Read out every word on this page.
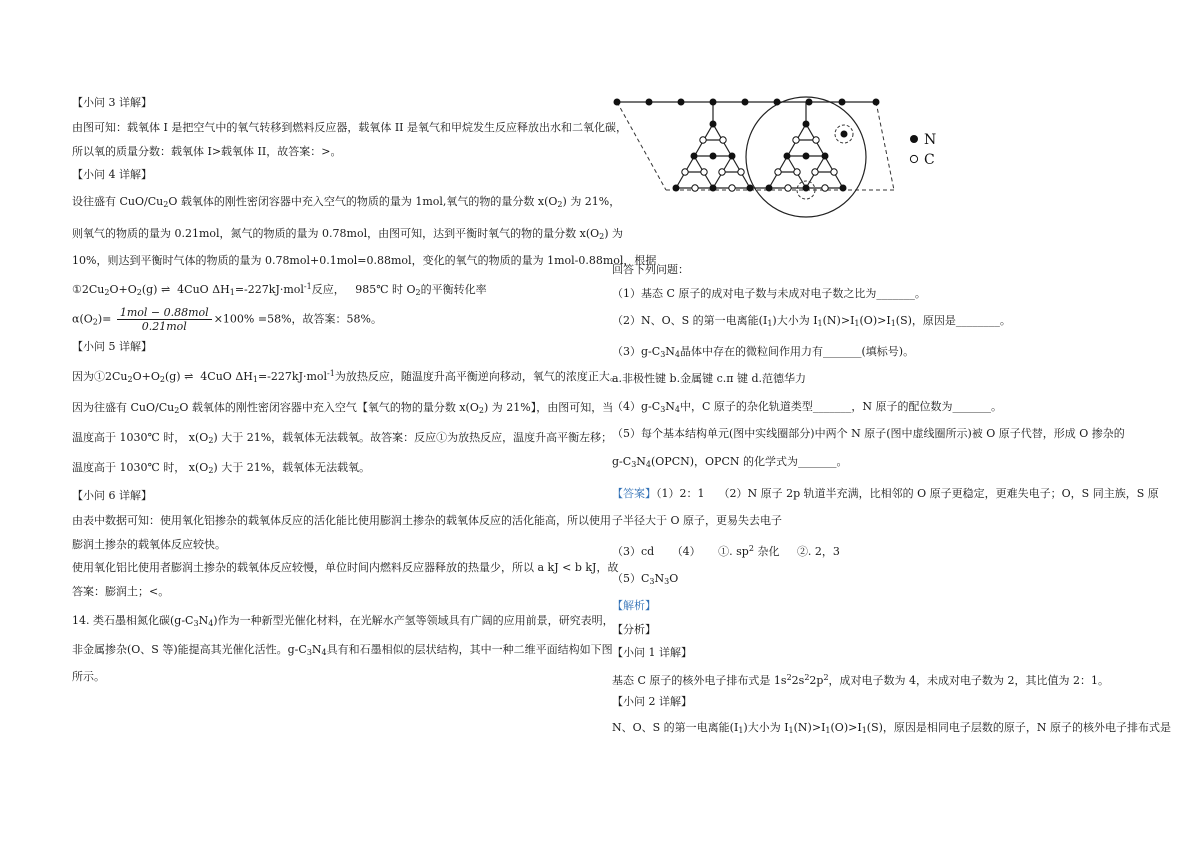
【小问 3 详解】
由图可知：载氧体 I 是把空气中的氧气转移到燃料反应器，载氧体 II 是氧气和甲烷发生反应释放出水和二氧化碳，
所以氧的质量分数：载氧体 I>载氧体 II，故答案：>。
【小问 4 详解】
设往盛有 CuO/$Cu_2O$ 载氧体的刚性密闭容器中充入空气的物质的量为 1mol,氧气的物的量分数 $x(O_2)$ 为 21%，
则氧气的物质的量为 0.21mol，氮气的物质的量为 0.78mol，由图可知，达到平衡时氧气的物的量分数 $x(O_2)$ 为
10%，则达到平衡时气体的物质的量为 0.78mol+0.1mol=0.88mol，变化的氧气的物质的量为 1mol-0.88mol，根据
$①2Cu_2O+O_2(g)$ ⇌  4CuO $\Delta H_1=-227kJ\cdot mol^{-1}$反应， 985℃ 时 $O_2$的平衡转化率
$\alpha(O_2)= \frac{\text{1mol − 0.88mol}}{\text{0.21mol}} \times 100\% =58\%$，故答案：58%。
【小问 5 详解】
因为$①2Cu_2O+O_2(g)$ ⇌  4CuO $\Delta H_1=-227kJ\cdot mol^{-1}$为放热反应，随温度升高平衡逆向移动，氧气的浓度正大。
因为往盛有 CuO/$Cu_2O$ 载氧体的刚性密闭容器中充入空气【氧气的物的量分数 $x(O_2)$ 为 21%】，由图可知，当
温度高于 1030℃ 时， $x(O_2)$ 大于 21%，载氧体无法载氧。故答案：反应①为放热反应，温度升高平衡左移；
温度高于 1030℃ 时， $x(O_2)$ 大于 21%，载氧体无法载氧。
【小问 6 详解】
由表中数据可知：使用氧化铝掺杂的载氧体反应的活化能比使用膨润土掺杂的载氧体反应的活化能高，所以使用
膨润土掺杂的载氧体反应较快。
使用氧化铝比使用者膨润土掺杂的载氧体反应较慢，单位时间内燃料反应器释放的热量少，所以 a kJ < b kJ，故
答案：膨润土；<。
14. 类石墨相氮化碳$(g-C_3N_4)$作为一种新型光催化材料，在光解水产氢等领域具有广阔的应用前景，研究表明，
非金属掺杂(O、S 等)能提高其光催化活性。$g-C_3N_4$具有和石墨相似的层状结构，其中一种二维平面结构如下图
所示。
N
C
回答下列问题：
（1）基态 C 原子的成对电子数与未成对电子数之比为_______。
（2）N、O、S 的第一电离能$(I_1)$大小为 $I_1(N)>I_1(O)>I_1(S)$，原因是________。
$(3)g-C_3N_4$晶体中存在的微粒间作用力有_______(填标号)。
a.非极性键 b.金属键 c.π 键 d.范德华力
$(4)g-C_3N_4$中，C 原子的杂化轨道类型_______，N 原子的配位数为_______。
（5）每个基本结构单元(图中实线圈部分)中两个 N 原子(图中虚线圈所示)被 O 原子代替，形成 O 掺杂的
$g-C_3N_4(OPCN)$，OPCN 的化学式为_______。
【答案】（1）2：1 （2）N 原子 2p 轨道半充满，比相邻的 O 原子更稳定，更难失电子；O，S 同主族，S 原
子半径大于 O 原子，更易失去电子
（3）cd （4） ①. $sp^2$ 杂化 ②. 2，3
$(5)C_3N_3O$
【解析】
【分析】
【小问 1 详解】
基态 C 原子的核外电子排布式是 $1s^22s^22p^2$，成对电子数为 4，未成对电子数为 2，其比值为 2：1。
【小问 2 详解】
N、O、S 的第一电离能$(I_1)$大小为 $I_1(N)>I_1(O)>I_1(S)$，原因是相同电子层数的原子，N 原子的核外电子排布式是
